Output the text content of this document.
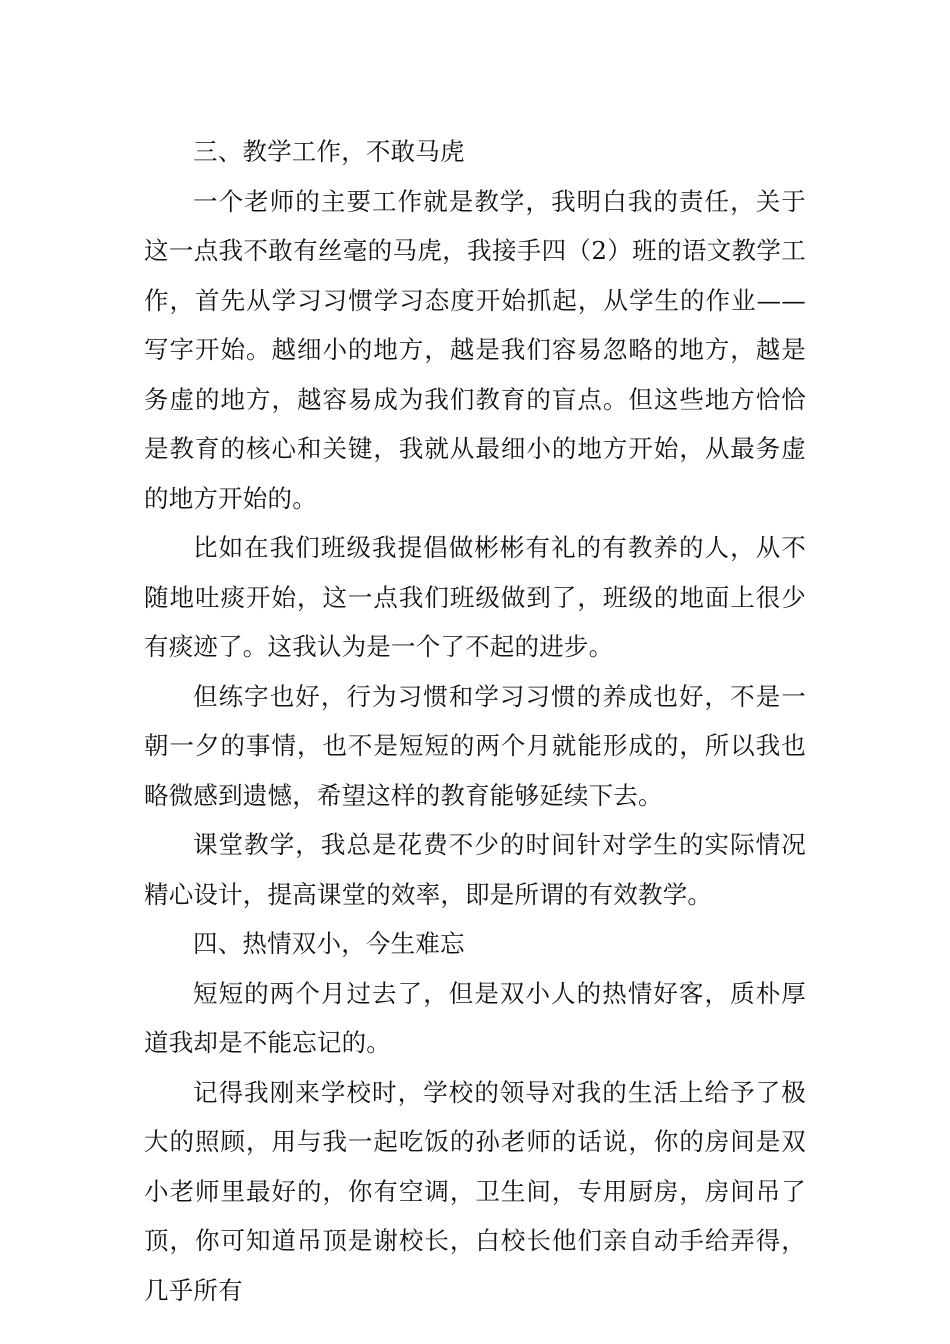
三、教学工作，不敢马虎

一个老师的主要工作就是教学，我明白我的责任，关于这一点我不敢有丝毫的马虎，我接手四（2）班的语文教学工作，首先从学习习惯学习态度开始抓起，从学生的作业——写字开始。越细小的地方，越是我们容易忽略的地方，越是务虚的地方，越容易成为我们教育的盲点。但这些地方恰恰是教育的核心和关键，我就从最细小的地方开始，从最务虚的地方开始的。

比如在我们班级我提倡做彬彬有礼的有教养的人，从不随地吐痰开始，这一点我们班级做到了，班级的地面上很少有痰迹了。这我认为是一个了不起的进步。

但练字也好，行为习惯和学习习惯的养成也好，不是一朝一夕的事情，也不是短短的两个月就能形成的，所以我也略微感到遗憾，希望这样的教育能够延续下去。

课堂教学，我总是花费不少的时间针对学生的实际情况精心设计，提高课堂的效率，即是所谓的有效教学。

四、热情双小，今生难忘

短短的两个月过去了，但是双小人的热情好客，质朴厚道我却是不能忘记的。

记得我刚来学校时，学校的领导对我的生活上给予了极大的照顾，用与我一起吃饭的孙老师的话说，你的房间是双小老师里最好的，你有空调，卫生间，专用厨房，房间吊了顶，你可知道吊顶是谢校长，白校长他们亲自动手给弄得，几乎所有
